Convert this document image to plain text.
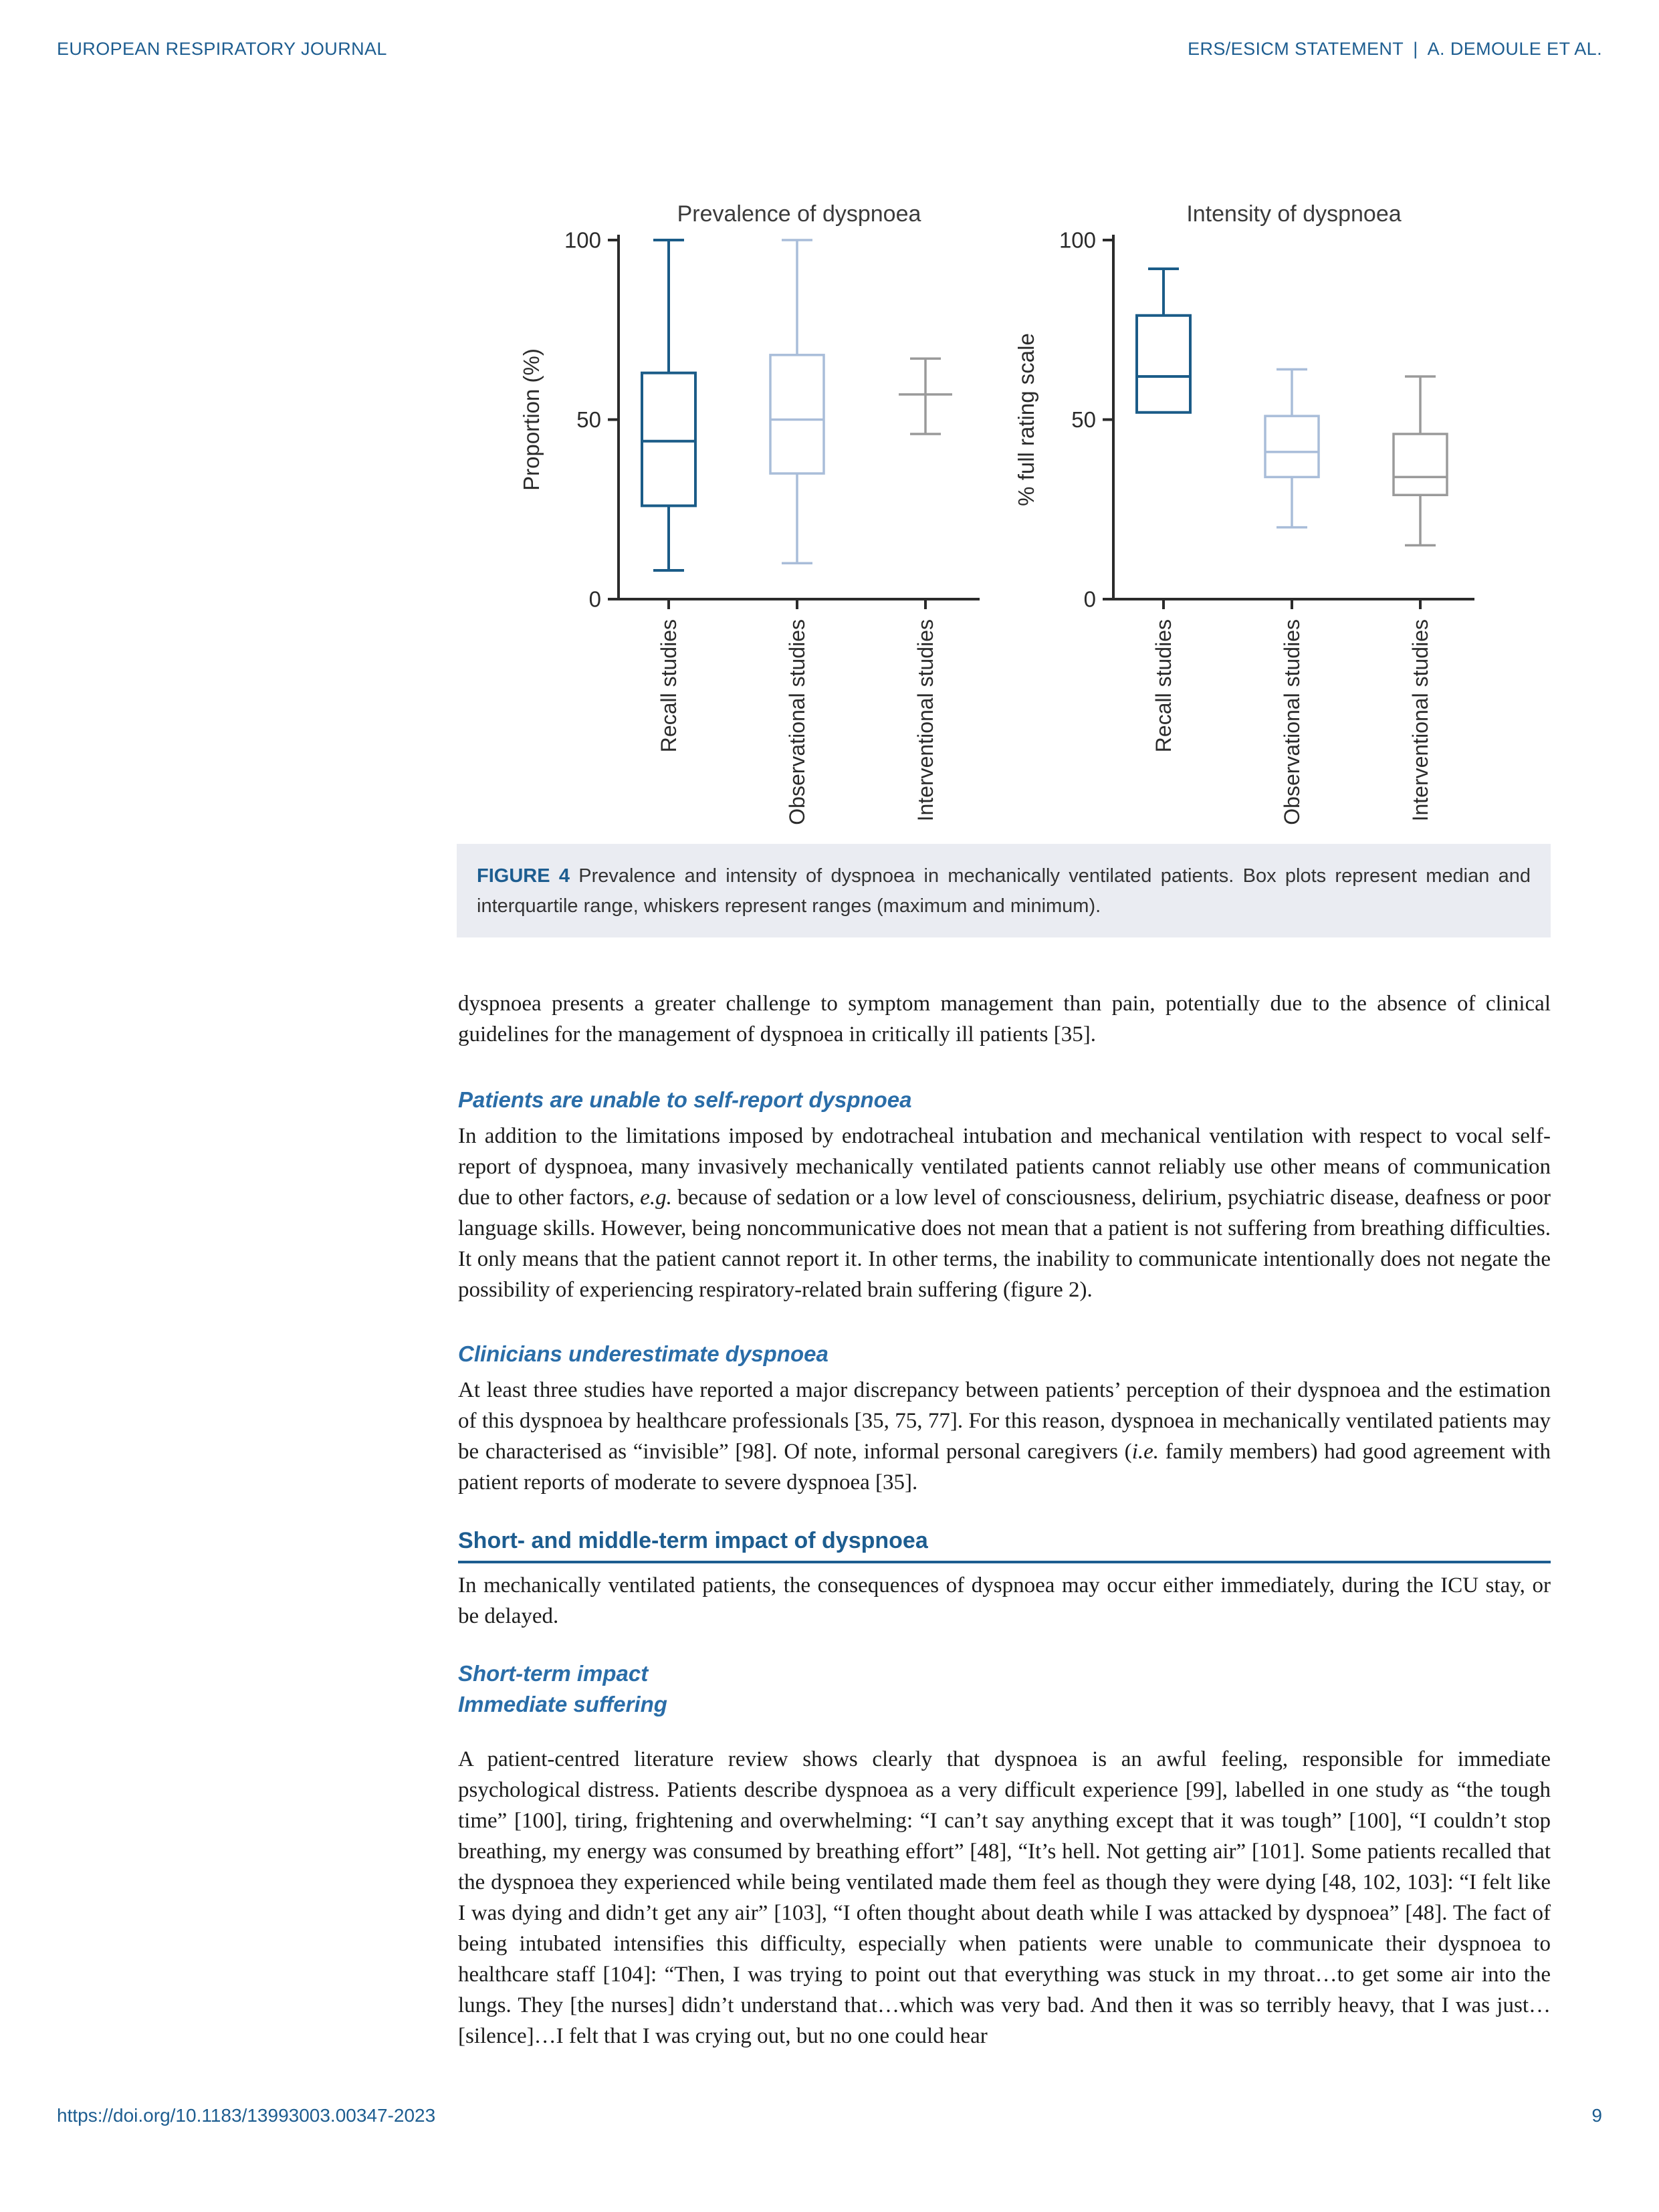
EUROPEAN RESPIRATORY JOURNAL	ERS/ESICM STATEMENT | A. DEMOULE ET AL.
Prevalence of dyspnoea
Proportion (%)
0
50
100
Recall studies	Observational studies	Interventional studies
Intensity of dyspnoea
% full rating scale
0
50
100
Recall studies	Observational studies	Interventional studies
FIGURE 4 Prevalence and intensity of dyspnoea in mechanically ventilated patients. Box plots represent median and interquartile range, whiskers represent ranges (maximum and minimum).

dyspnoea presents a greater challenge to symptom management than pain, potentially due to the absence of clinical guidelines for the management of dyspnoea in critically ill patients [35].

Patients are unable to self-report dyspnoea

In addition to the limitations imposed by endotracheal intubation and mechanical ventilation with respect to vocal self-report of dyspnoea, many invasively mechanically ventilated patients cannot reliably use other means of communication due to other factors, e.g. because of sedation or a low level of consciousness, delirium, psychiatric disease, deafness or poor language skills. However, being noncommunicative does not mean that a patient is not suffering from breathing difficulties. It only means that the patient cannot report it. In other terms, the inability to communicate intentionally does not negate the possibility of experiencing respiratory-related brain suffering (figure 2).

Clinicians underestimate dyspnoea

At least three studies have reported a major discrepancy between patients’ perception of their dyspnoea and the estimation of this dyspnoea by healthcare professionals [35, 75, 77]. For this reason, dyspnoea in mechanically ventilated patients may be characterised as “invisible” [98]. Of note, informal personal caregivers (i.e. family members) had good agreement with patient reports of moderate to severe dyspnoea [35].

Short- and middle-term impact of dyspnoea

In mechanically ventilated patients, the consequences of dyspnoea may occur either immediately, during the ICU stay, or be delayed.

Short-term impact
Immediate suffering

A patient-centred literature review shows clearly that dyspnoea is an awful feeling, responsible for immediate psychological distress. Patients describe dyspnoea as a very difficult experience [99], labelled in one study as “the tough time” [100], tiring, frightening and overwhelming: “I can’t say anything except that it was tough” [100], “I couldn’t stop breathing, my energy was consumed by breathing effort” [48], “It’s hell. Not getting air” [101]. Some patients recalled that the dyspnoea they experienced while being ventilated made them feel as though they were dying [48, 102, 103]: “I felt like I was dying and didn’t get any air” [103], “I often thought about death while I was attacked by dyspnoea” [48]. The fact of being intubated intensifies this difficulty, especially when patients were unable to communicate their dyspnoea to healthcare staff [104]: “Then, I was trying to point out that everything was stuck in my throat…to get some air into the lungs. They [the nurses] didn’t understand that…which was very bad. And then it was so terribly heavy, that I was just…[silence]…I felt that I was crying out, but no one could hear

https://doi.org/10.1183/13993003.00347-2023	9
